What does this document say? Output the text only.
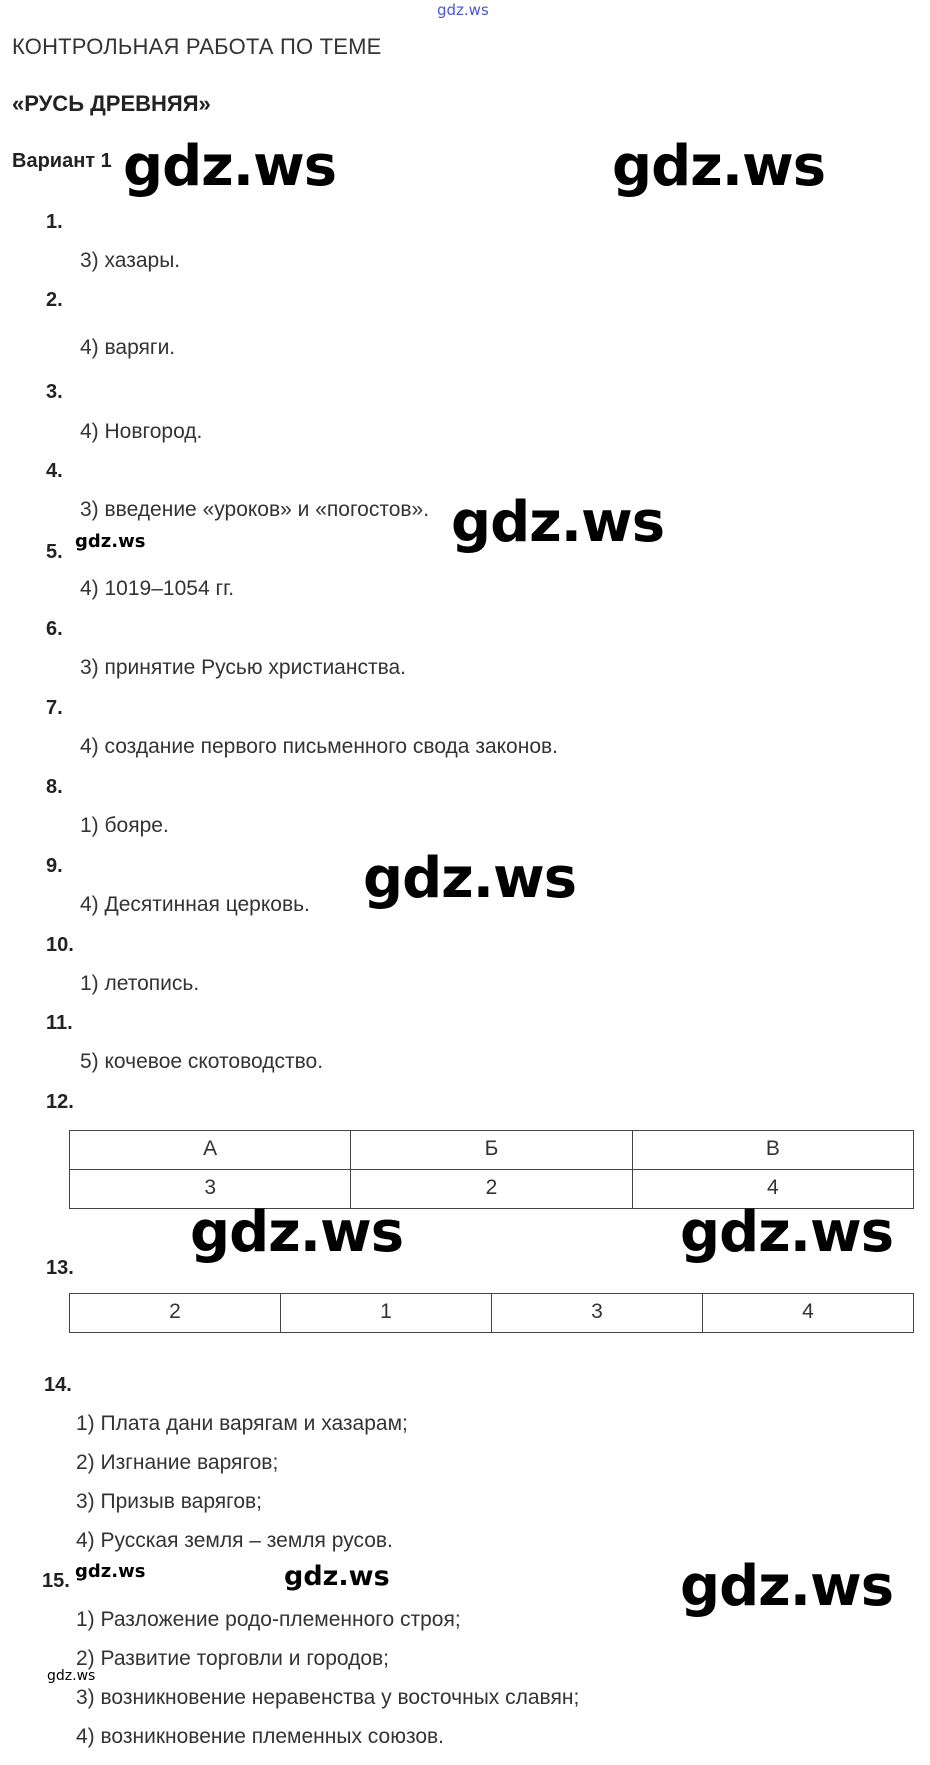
gdz.ws
КОНТРОЛЬНАЯ РАБОТА ПО ТЕМЕ
«РУСЬ ДРЕВНЯЯ»
Вариант 1
1.
3) хазары.
2.
4) варяги.
3.
4) Новгород.
4.
3) введение «уроков» и «погостов».
5.
4) 1019–1054 гг.
6.
3) принятие Русью христианства.
7.
4) создание первого письменного свода законов.
8.
1) бояре.
9.
4) Десятинная церковь.
10.
1) летопись.
11.
5) кочевое скотоводство.
12.
А	Б	В
3	2	4
13.
2	1	3	4
14.
1) Плата дани варягам и хазарам;
2) Изгнание варягов;
3) Призыв варягов;
4) Русская земля – земля русов.
15.
1) Разложение родо-племенного строя;
2) Развитие торговли и городов;
3) возникновение неравенства у восточных славян;
4) возникновение племенных союзов.
gdz.ws	gdz.ws
gdz.ws
gdz.ws
gdz.ws
gdz.ws	gdz.ws
gdz.ws	gdz.ws	gdz.ws
gdz.ws
